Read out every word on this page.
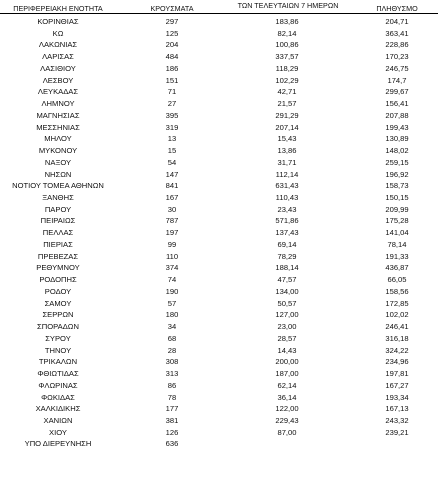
ΠΕΡΙΦΕΡΕΙΑΚΗ ΕΝΟΤΗΤΑ	ΚΡΟΥΣΜΑΤΑ	ΤΩΝ ΤΕΛΕΥΤΑΙΩΝ 7 ΗΜΕΡΩΝ	ΠΛΗΘΥΣΜΟ
ΚΟΡΙΝΘΙΑΣ	297	183,86	204,71
ΚΩ	125	82,14	363,41
ΛΑΚΩΝΙΑΣ	204	100,86	228,86
ΛΑΡΙΣΑΣ	484	337,57	170,23
ΛΑΣΙΘΙΟΥ	186	118,29	246,75
ΛΕΣΒΟΥ	151	102,29	174,7
ΛΕΥΚΑΔΑΣ	71	42,71	299,67
ΛΗΜΝΟΥ	27	21,57	156,41
ΜΑΓΝΗΣΙΑΣ	395	291,29	207,88
ΜΕΣΣΗΝΙΑΣ	319	207,14	199,43
ΜΗΛΟΥ	13	15,43	130,89
ΜΥΚΟΝΟΥ	15	13,86	148,02
ΝΑΞΟΥ	54	31,71	259,15
ΝΗΣΩΝ	147	112,14	196,92
ΝΟΤΙΟΥ ΤΟΜΕΑ ΑΘΗΝΩΝ	841	631,43	158,73
ΞΑΝΘΗΣ	167	110,43	150,15
ΠΑΡΟΥ	30	23,43	209,99
ΠΕΙΡΑΙΩΣ	787	571,86	175,28
ΠΕΛΛΑΣ	197	137,43	141,04
ΠΙΕΡΙΑΣ	99	69,14	78,14
ΠΡΕΒΕΖΑΣ	110	78,29	191,33
ΡΕΘΥΜΝΟΥ	374	188,14	436,87
ΡΟΔΟΠΗΣ	74	47,57	66,05
ΡΟΔΟΥ	190	134,00	158,56
ΣΑΜΟΥ	57	50,57	172,85
ΣΕΡΡΩΝ	180	127,00	102,02
ΣΠΟΡΑΔΩΝ	34	23,00	246,41
ΣΥΡΟΥ	68	28,57	316,18
ΤΗΝΟΥ	28	14,43	324,22
ΤΡΙΚΑΛΩΝ	308	200,00	234,96
ΦΘΙΩΤΙΔΑΣ	313	187,00	197,81
ΦΛΩΡΙΝΑΣ	86	62,14	167,27
ΦΩΚΙΔΑΣ	78	36,14	193,34
ΧΑΛΚΙΔΙΚΗΣ	177	122,00	167,13
ΧΑΝΙΩΝ	381	229,43	243,32
ΧΙΟΥ	126	87,00	239,21
ΥΠΟ ΔΙΕΡΕΥΝΗΣΗ	636
